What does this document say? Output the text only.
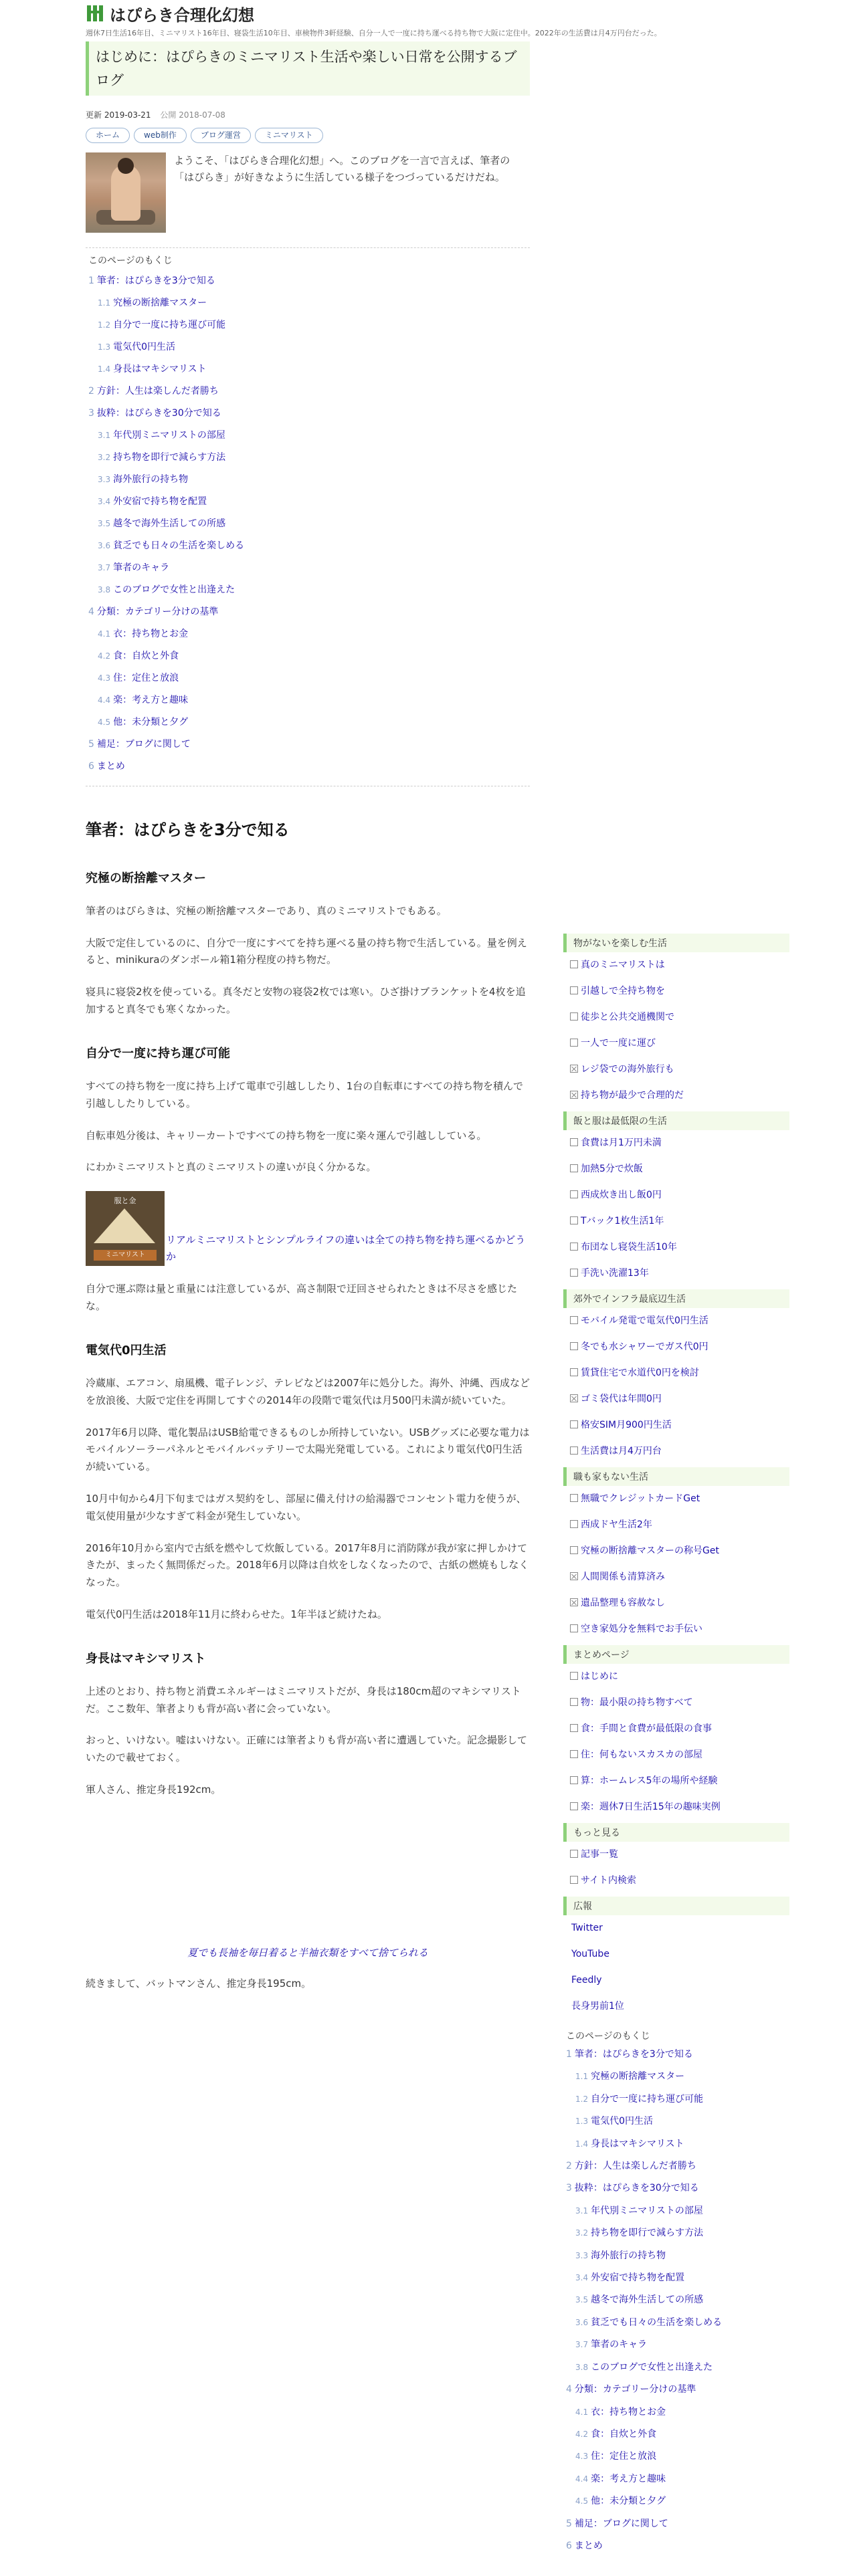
はぴらき合理化幻想
週休7日生活16年目、ミニマリスト16年目、寝袋生活10年目、車検物件3軒経験、自分一人で一度に持ち運べる持ち物で大阪に定住中。2022年の生活費は月4万円台だった。
はじめに：はぴらきのミニマリスト生活や楽しい日常を公開するブログ
更新 2019-03-21 公開 2018-07-08
ホーム	web制作	ブログ運営	ミニマリスト

ようこそ、「はぴらき合理化幻想」へ。このブログを一言で言えば、筆者の「はぴらき」が好きなように生活している様子をつづっているだけだね。

このページのもくじ
1 筆者：はぴらきを3分で知る
1.1 究極の断捨離マスター
1.2 自分で一度に持ち運び可能
1.3 電気代0円生活
1.4 身長はマキシマリスト
2 方針：人生は楽しんだ者勝ち
3 抜粋：はぴらきを30分で知る
3.1 年代別ミニマリストの部屋
3.2 持ち物を即行で減らす方法
3.3 海外旅行の持ち物
3.4 外安宿で持ち物を配置
3.5 越冬で海外生活しての所感
3.6 貧乏でも日々の生活を楽しめる
3.7 筆者のキャラ
3.8 このブログで女性と出逢えた
4 分類：カテゴリー分けの基準
4.1 衣：持ち物とお金
4.2 食：自炊と外食
4.3 住：定住と放浪
4.4 楽：考え方と趣味
4.5 他：未分類と夕グ
5 補足：ブログに関して
6 まとめ
筆者：はぴらきを3分で知る
究極の断捨離マスター

筆者のはぴらきは、究極の断捨離マスターであり、真のミニマリストでもある。

大阪で定住しているのに、自分で一度にすべてを持ち運べる量の持ち物で生活している。量を例えると、minikuraのダンボール箱1箱分程度の持ち物だ。

寝具に寝袋2枚を使っている。真冬だと安物の寝袋2枚では寒い。ひざ掛けブランケットを4枚を追加すると真冬でも寒くなかった。

自分で一度に持ち運び可能

すべての持ち物を一度に持ち上げて電車で引越ししたり、1台の自転車にすべての持ち物を積んで引越ししたりしている。

自転車処分後は、キャリーカートですべての持ち物を一度に楽々運んで引越ししている。

にわかミニマリストと真のミニマリストの違いが良く分かるな。

服と金
ミニマリスト
リアルミニマリストとシンプルライフの違いは全ての持ち物を持ち運べるかどうか

自分で運ぶ際は量と重量には注意しているが、高さ制限で迂回させられたときは不尽さを感じたな。

電気代0円生活

冷蔵庫、エアコン、扇風機、電子レンジ、テレビなどは2007年に処分した。海外、沖縄、西成などを放浪後、大阪で定住を再開してすぐの2014年の段階で電気代は月500円未満が続いていた。

2017年6月以降、電化製品はUSB給電できるものしか所持していない。USBグッズに必要な電力はモバイルソーラーパネルとモバイルバッテリーで太陽光発電している。これにより電気代0円生活が続いている。

10月中旬から4月下旬まではガス契約をし、部屋に備え付けの給湯器でコンセント電力を使うが、電気使用量が少なすぎて料金が発生していない。

2016年10月から室内で古紙を燃やして炊飯している。2017年8月に消防隊が我が家に押しかけてきたが、まったく無問係だった。2018年6月以降は自炊をしなくなったので、古紙の燃焼もしなくなった。

電気代0円生活は2018年11月に終わらせた。1年半ほど続けたね。

身長はマキシマリスト

上述のとおり、持ち物と消費エネルギーはミニマリストだが、身長は180cm超のマキシマリストだ。ここ数年、筆者よりも背が高い者に会っていない。

おっと、いけない。嘘はいけない。正確には筆者よりも背が高い者に遭遇していた。記念撮影していたので載せておく。

軍人さん、推定身長192cm。

夏でも長袖を毎日着ると半袖衣類をすべて捨てられる

続きまして、バットマンさん、推定身長195cm。

物がないを楽しむ生活
真のミニマリストは
引越しで全持ち物を
徒歩と公共交通機関で
一人で一度に運び
レジ袋での海外旅行も
持ち物が最少で合理的だ
飯と服は最低限の生活
食費は月1万円未満
加熱5分で炊飯
西成炊き出し飯0円
Tバック1枚生活1年
布団なし寝袋生活10年
手洗い洗濯13年
郊外でインフラ最底辺生活
モバイル発電で電気代0円生活
冬でも水シャワーでガス代0円
賃貸住宅で水道代0円を検討
ゴミ袋代は年間0円
格安SIM月900円生活
生活費は月4万円台
職も家もない生活
無職でクレジットカードGet
西成ドヤ生活2年
究極の断捨離マスターの称号Get
人間関係も清算済み
遺品整理も容赦なし
空き家処分を無料でお手伝い
まとめページ
はじめに
物：最小限の持ち物すべて
食：手間と食費が最低限の食事
住：何もないスカスカの部屋
算：ホームレス5年の場所や経験
楽：週休7日生活15年の趣味実例
もっと見る
記事一覧
サイト内検索
広報
Twitter
YouTube
Feedly
長身男前1位
このページのもくじ
1 筆者：はぴらきを3分で知る
1.1 究極の断捨離マスター
1.2 自分で一度に持ち運び可能
1.3 電気代0円生活
1.4 身長はマキシマリスト
2 方針：人生は楽しんだ者勝ち
3 抜粋：はぴらきを30分で知る
3.1 年代別ミニマリストの部屋
3.2 持ち物を即行で減らす方法
3.3 海外旅行の持ち物
3.4 外安宿で持ち物を配置
3.5 越冬で海外生活しての所感
3.6 貧乏でも日々の生活を楽しめる
3.7 筆者のキャラ
3.8 このブログで女性と出逢えた
4 分類：カテゴリー分けの基準
4.1 衣：持ち物とお金
4.2 食：自炊と外食
4.3 住：定住と放浪
4.4 楽：考え方と趣味
4.5 他：未分類と夕グ
5 補足：ブログに関して
6 まとめ
